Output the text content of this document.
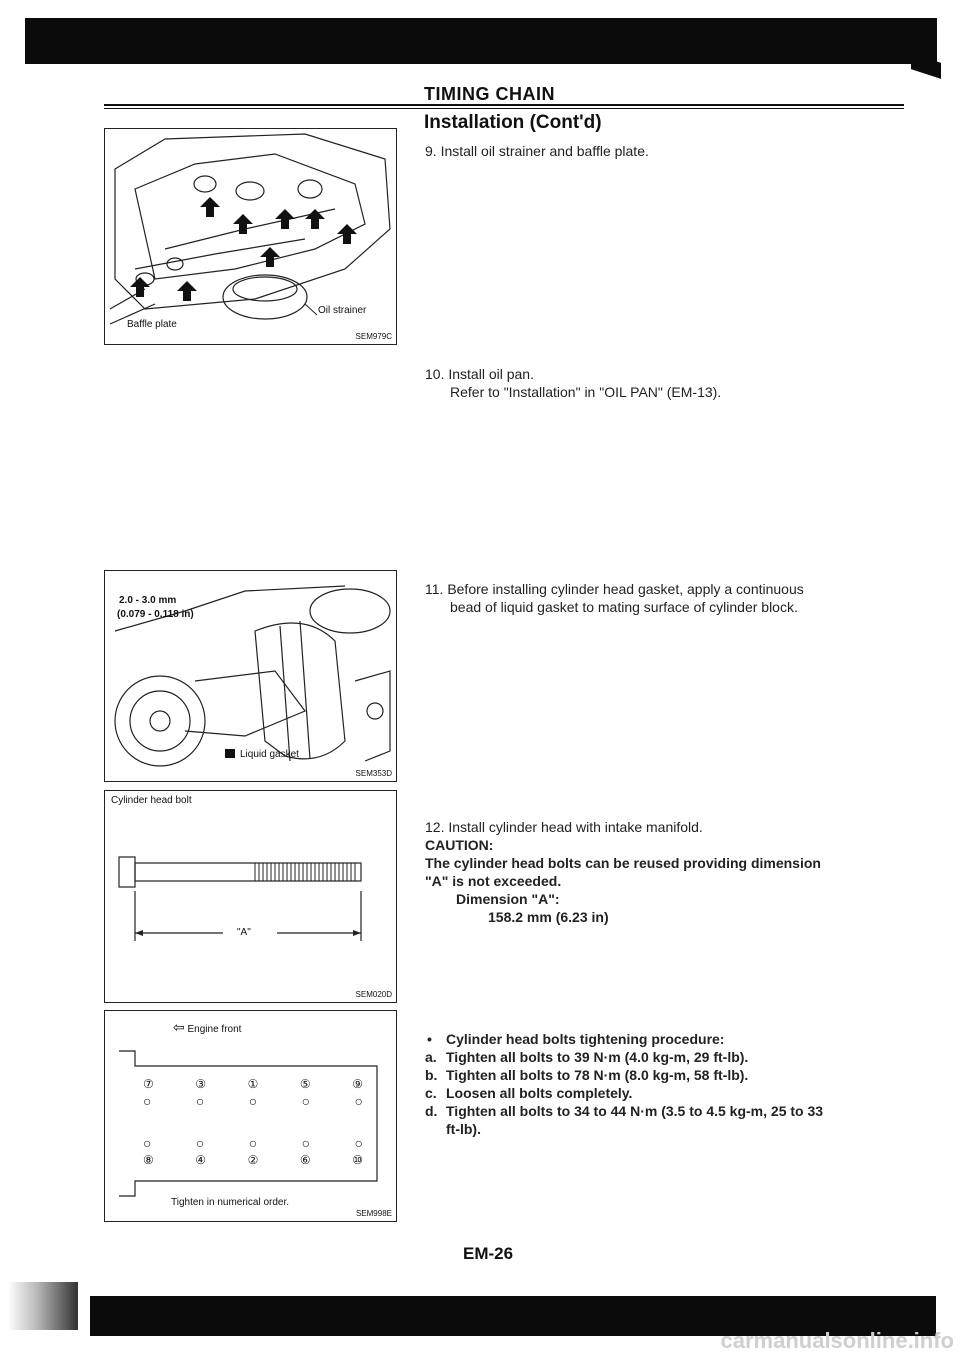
TIMING CHAIN
Installation (Cont'd)
Baffle plate
Oil strainer
SEM979C
2.0 - 3.0 mm
(0.079 - 0.118 in)
Liquid gasket
SEM353D
Cylinder head bolt
"A"
SEM020D
⇦ Engine front
⑦	③	①	⑤	⑨
○	○	○	○	○
○	○	○	○	○
⑧	④	②	⑥	⑩
Tighten in numerical order.
SEM998E
9. Install oil strainer and baffle plate.
10. Install oil pan.
Refer to "Installation" in "OIL PAN" (EM-13).
11. Before installing cylinder head gasket, apply a continuous
bead of liquid gasket to mating surface of cylinder block.
12. Install cylinder head with intake manifold.
CAUTION:
The cylinder head bolts can be reused providing dimension
"A" is not exceeded.
Dimension "A":
158.2 mm (6.23 in)
• Cylinder head bolts tightening procedure:
a. Tighten all bolts to 39 N·m (4.0 kg-m, 29 ft-lb).
b. Tighten all bolts to 78 N·m (8.0 kg-m, 58 ft-lb).
c. Loosen all bolts completely.
d. Tighten all bolts to 34 to 44 N·m (3.5 to 4.5 kg-m, 25 to 33
ft-lb).
EM-26
carmanualsonline.info
